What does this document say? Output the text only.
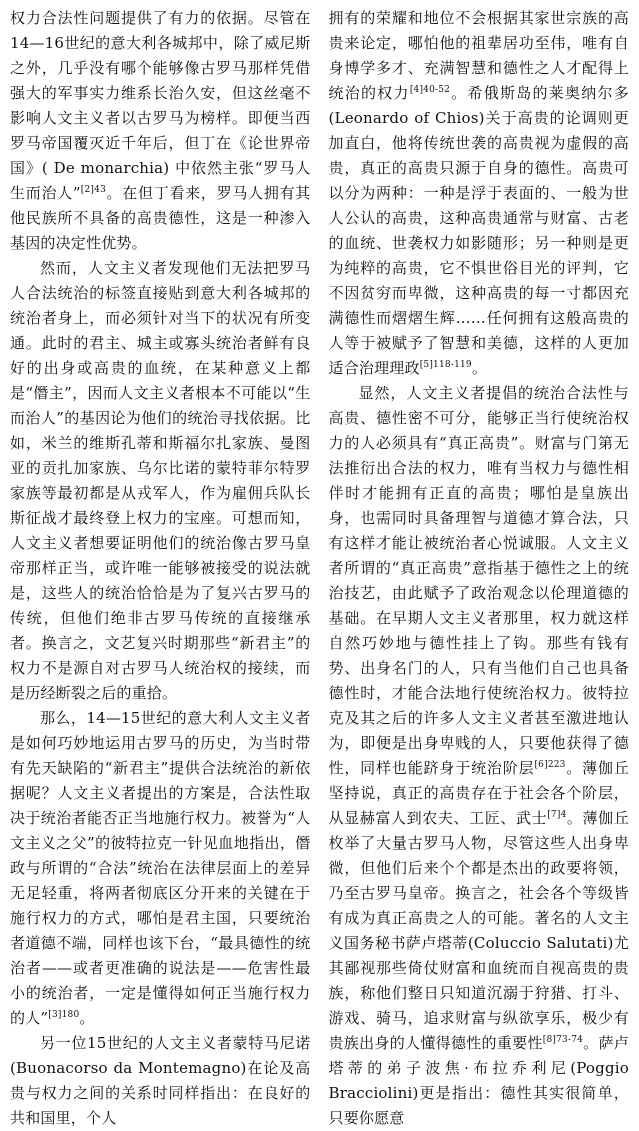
权力合法性问题提供了有力的依据。尽管在14—16世纪的意大利各城邦中，除了威尼斯之外，几乎没有哪个能够像古罗马那样凭借强大的军事实力维系长治久安，但这丝毫不影响人文主义者以古罗马为榜样。即便当西罗马帝国覆灭近千年后，但丁在《论世界帝国》( De monarchia) 中依然主张“罗马人生而治人”$^{[2]43}$。在但丁看来，罗马人拥有其他民族所不具备的高贵德性，这是一种渗入基因的决定性优势。

然而，人文主义者发现他们无法把罗马人合法统治的标签直接贴到意大利各城邦的统治者身上，而必须针对当下的状况有所变通。此时的君主、城主或寡头统治者鲜有良好的出身或高贵的血统，在某种意义上都是“僭主”，因而人文主义者根本不可能以“生而治人”的基因论为他们的统治寻找依据。比如，米兰的维斯孔蒂和斯福尔扎家族、曼图亚的贡扎加家族、乌尔比诺的蒙特菲尔特罗家族等最初都是从戎军人，作为雇佣兵队长斯征战才最终登上权力的宝座。可想而知，人文主义者想要证明他们的统治像古罗马皇帝那样正当，或许唯一能够被接受的说法就是，这些人的统治恰恰是为了复兴古罗马的传统，但他们绝非古罗马传统的直接继承者。换言之，文艺复兴时期那些“新君主”的权力不是源自对古罗马人统治权的接续，而是历经断裂之后的重拾。

那么，14—15世纪的意大利人文主义者是如何巧妙地运用古罗马的历史，为当时带有先天缺陷的“新君主”提供合法统治的新依据呢？人文主义者提出的方案是，合法性取决于统治者能否正当地施行权力。被誉为“人文主义之父”的彼特拉克一针见血地指出，僭政与所谓的“合法”统治在法律层面上的差异无足轻重，将两者彻底区分开来的关键在于施行权力的方式，哪怕是君主国，只要统治者道德不端，同样也该下台，“最具德性的统治者——或者更准确的说法是——危害性最小的统治者，一定是懂得如何正当施行权力的人”$^{[3]180}$。

另一位15世纪的人文主义者蒙特马尼诺(Buonacorso da Montemagno)在论及高贵与权力之间的关系时同样指出：在良好的共和国里，个人

拥有的荣耀和地位不会根据其家世宗族的高贵来论定，哪怕他的祖辈居功至伟，唯有自身博学多才、充满智慧和德性之人才配得上统治的权力$^{[4]40-52}$。希俄斯岛的莱奥纳尔多(Leonardo of Chios)关于高贵的论调则更加直白，他将传统世袭的高贵视为虚假的高贵，真正的高贵只源于自身的德性。高贵可以分为两种：一种是浮于表面的、一般为世人公认的高贵，这种高贵通常与财富、古老的血统、世袭权力如影随形；另一种则是更为纯粹的高贵，它不惧世俗目光的评判，它不因贫穷而卑微，这种高贵的每一寸都因充满德性而熠熠生辉……任何拥有这般高贵的人等于被赋予了智慧和美德，这样的人更加适合治理理政$^{[5]118-119}$。

显然，人文主义者提倡的统治合法性与高贵、德性密不可分，能够正当行使统治权力的人必须具有“真正高贵”。财富与门第无法推衍出合法的权力，唯有当权力与德性相伴时才能拥有正直的高贵；哪怕是皇族出身，也需同时具备理智与道德才算合法，只有这样才能让被统治者心悦诚服。人文主义者所谓的“真正高贵”意指基于德性之上的统治技艺，由此赋予了政治观念以伦理道德的基础。在早期人文主义者那里，权力就这样自然巧妙地与德性挂上了钩。那些有钱有势、出身名门的人，只有当他们自己也具备德性时，才能合法地行使统治权力。彼特拉克及其之后的许多人文主义者甚至激进地认为，即便是出身卑贱的人，只要他获得了德性，同样也能跻身于统治阶层$^{[6]223}$。薄伽丘坚持说，真正的高贵存在于社会各个阶层，从显赫富人到农夫、工匠、武士$^{[7]4}$。薄伽丘枚举了大量古罗马人物，尽管这些人出身卑微，但他们后来个个都是杰出的政要将领，乃至古罗马皇帝。换言之，社会各个等级皆有成为真正高贵之人的可能。著名的人文主义国务秘书萨卢塔蒂(Coluccio Salutati)尤其鄙视那些倚仗财富和血统而自视高贵的贵族，称他们整日只知道沉溺于狩猎、打斗、游戏、骑马，追求财富与纵欲享乐，极少有贵族出身的人懂得德性的重要性$^{[8]73-74}$。萨卢塔蒂的弟子波焦·布拉乔利尼(Poggio Bracciolini)更是指出：德性其实很简单，只要你愿意
